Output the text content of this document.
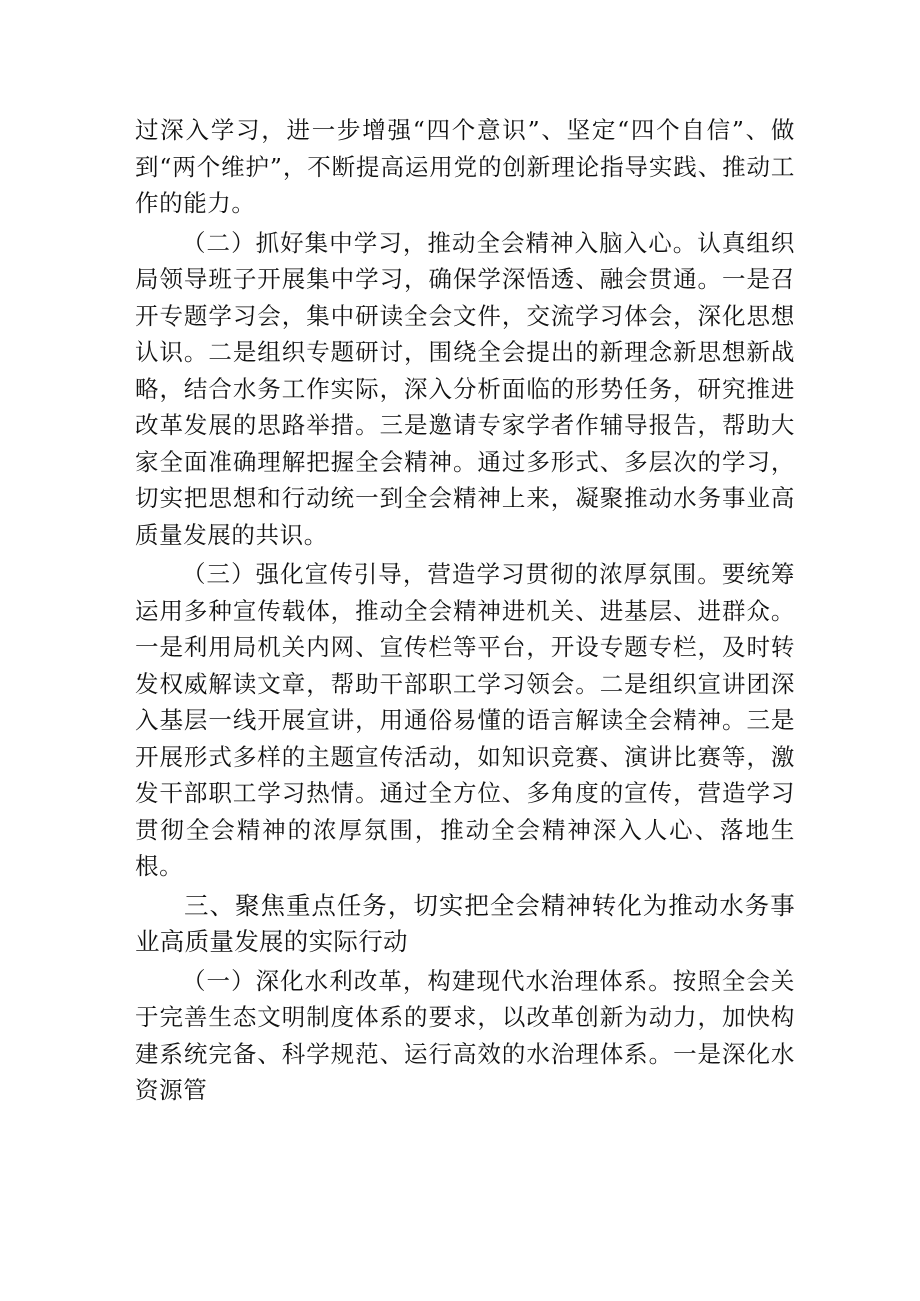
过深入学习，进一步增强“四个意识”、坚定“四个自信”、做到“两个维护”，不断提高运用党的创新理论指导实践、推动工作的能力。

（二）抓好集中学习，推动全会精神入脑入心。认真组织局领导班子开展集中学习，确保学深悟透、融会贯通。一是召开专题学习会，集中研读全会文件，交流学习体会，深化思想认识。二是组织专题研讨，围绕全会提出的新理念新思想新战略，结合水务工作实际，深入分析面临的形势任务，研究推进改革发展的思路举措。三是邀请专家学者作辅导报告，帮助大家全面准确理解把握全会精神。通过多形式、多层次的学习，切实把思想和行动统一到全会精神上来，凝聚推动水务事业高质量发展的共识。

（三）强化宣传引导，营造学习贯彻的浓厚氛围。要统筹运用多种宣传载体，推动全会精神进机关、进基层、进群众。一是利用局机关内网、宣传栏等平台，开设专题专栏，及时转发权威解读文章，帮助干部职工学习领会。二是组织宣讲团深入基层一线开展宣讲，用通俗易懂的语言解读全会精神。三是开展形式多样的主题宣传活动，如知识竞赛、演讲比赛等，激发干部职工学习热情。通过全方位、多角度的宣传，营造学习贯彻全会精神的浓厚氛围，推动全会精神深入人心、落地生根。

三、聚焦重点任务，切实把全会精神转化为推动水务事业高质量发展的实际行动

（一）深化水利改革，构建现代水治理体系。按照全会关于完善生态文明制度体系的要求，以改革创新为动力，加快构建系统完备、科学规范、运行高效的水治理体系。一是深化水资源管
